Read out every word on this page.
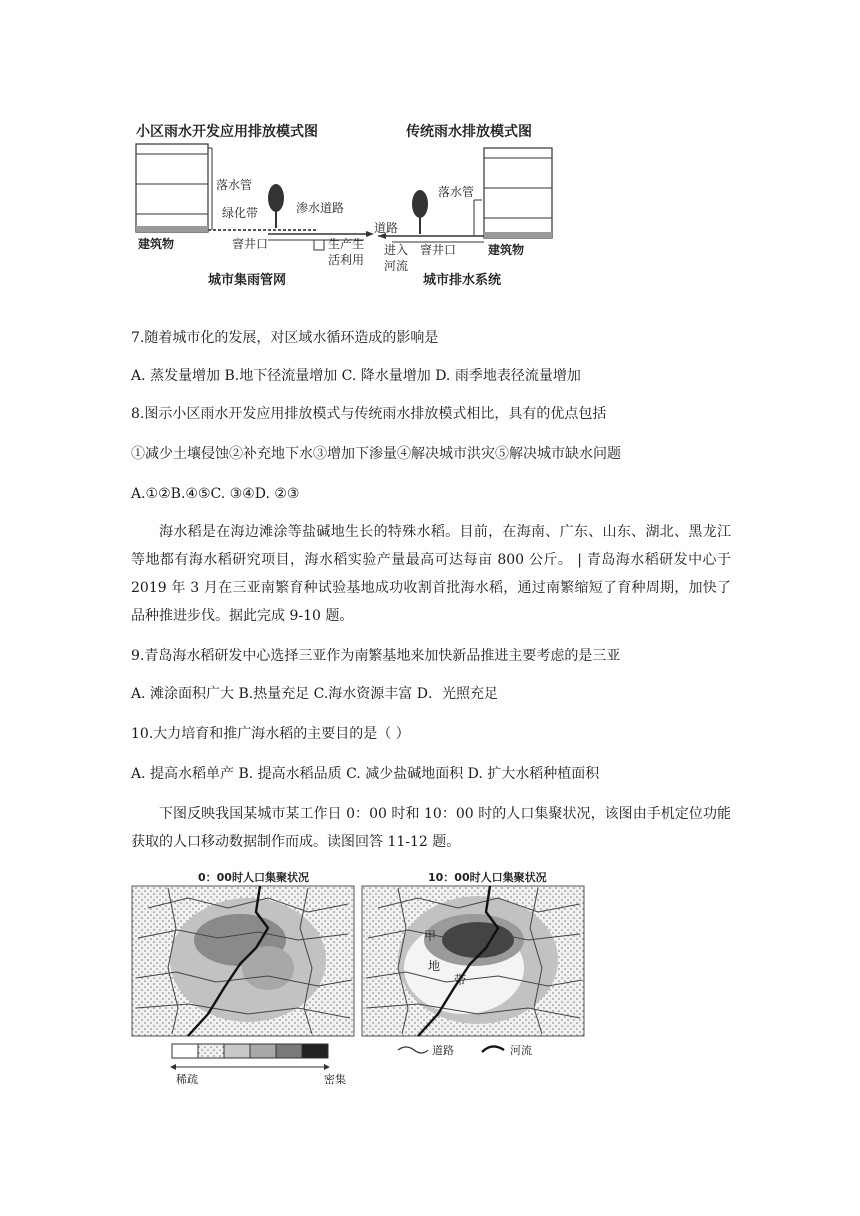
小区雨水开发应用排放模式图	传统雨水排放模式图
落水管
绿化带
建筑物
渗水道路
窨井口	生产生
活利用
城市集雨管网
道路
落水管
进入
河流
窨井口	建筑物
城市排水系统
7.随着城市化的发展，对区域水循环造成的影响是
A. 蒸发量增加 B.地下径流量增加 C. 降水量增加 D. 雨季地表径流量增加
8.图示小区雨水开发应用排放模式与传统雨水排放模式相比，具有的优点包括
①减少土壤侵蚀②补充地下水③增加下渗量④解决城市洪灾⑤解决城市缺水问题
A.①②B.④⑤C. ③④D. ②③
海水稻是在海边滩涂等盐碱地生长的特殊水稻。目前，在海南、广东、山东、湖北、黑龙江等地都有海水稻研究项目，海水稻实验产量最高可达每亩 800 公斤。 | 青岛海水稻研发中心于 2019 年 3 月在三亚南繁育种试验基地成功收割首批海水稻，通过南繁缩短了育种周期，加快了品种推进步伐。据此完成 9-10 题。
9.青岛海水稻研发中心选择三亚作为南繁基地来加快新品推进主要考虑的是三亚
A. 滩涂面积广大 B.热量充足 C.海水资源丰富 D．光照充足
10.大力培育和推广海水稻的主要目的是（ ）
A. 提高水稻单产 B. 提高水稻品质 C. 减少盐碱地面积 D. 扩大水稻种植面积
下图反映我国某城市某工作日 0：00 时和 10：00 时的人口集聚状况，该图由手机定位功能获取的人口移动数据制作而成。读图回答 11-12 题。
0：00时人口集聚状况	10：00时人口集聚状况
甲
地
带
稀疏	密集
道路	河流
